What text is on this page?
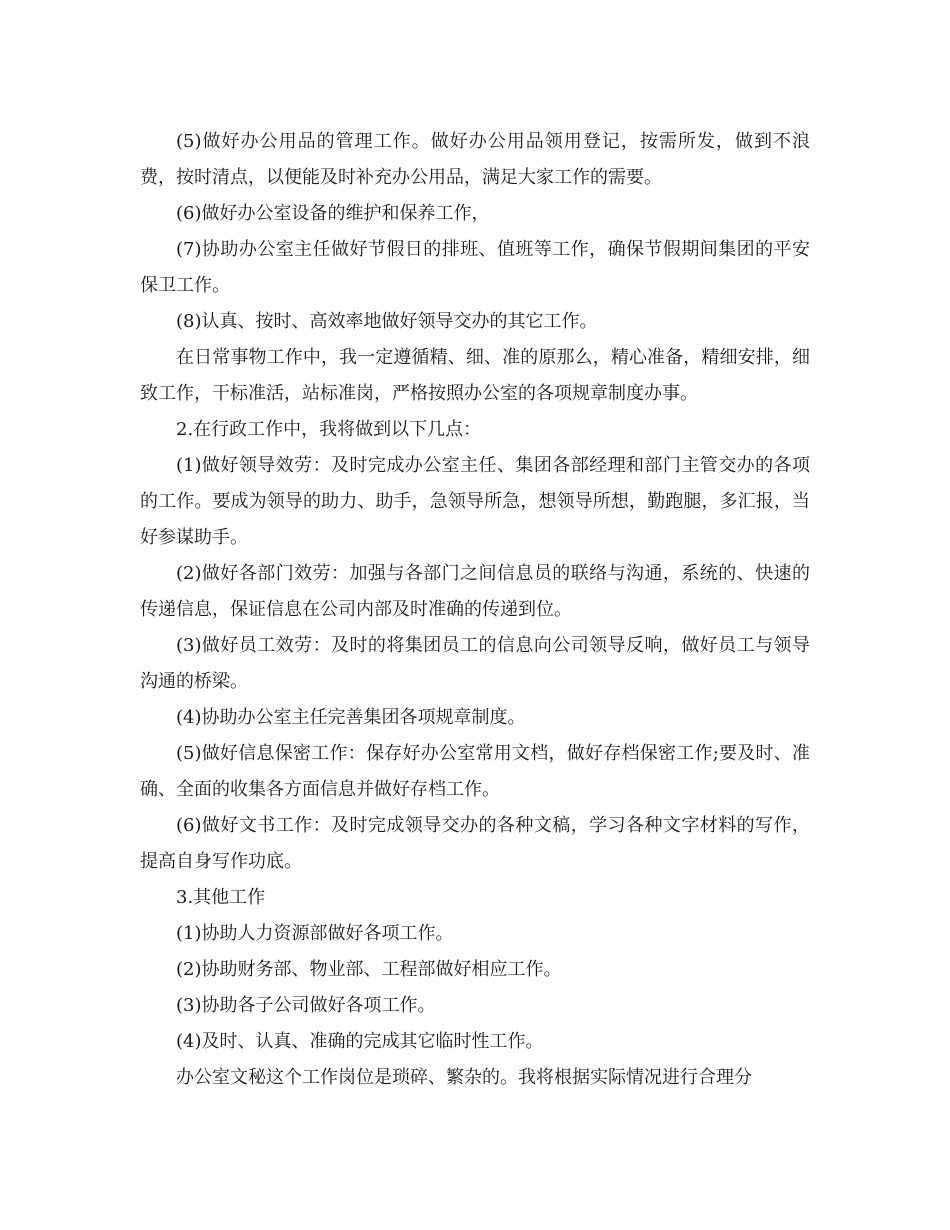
(5)做好办公用品的管理工作。做好办公用品领用登记，按需所发，做到不浪费，按时清点，以便能及时补充办公用品，满足大家工作的需要。

(6)做好办公室设备的维护和保养工作，

(7)协助办公室主任做好节假日的排班、值班等工作，确保节假期间集团的平安保卫工作。

(8)认真、按时、高效率地做好领导交办的其它工作。

在日常事物工作中，我一定遵循精、细、准的原那么，精心准备，精细安排，细致工作，干标准活，站标准岗，严格按照办公室的各项规章制度办事。

2.在行政工作中，我将做到以下几点：

(1)做好领导效劳：及时完成办公室主任、集团各部经理和部门主管交办的各项的工作。要成为领导的助力、助手，急领导所急，想领导所想，勤跑腿，多汇报，当好参谋助手。

(2)做好各部门效劳：加强与各部门之间信息员的联络与沟通，系统的、快速的传递信息，保证信息在公司内部及时准确的传递到位。

(3)做好员工效劳：及时的将集团员工的信息向公司领导反响，做好员工与领导沟通的桥梁。

(4)协助办公室主任完善集团各项规章制度。

(5)做好信息保密工作：保存好办公室常用文档，做好存档保密工作;要及时、准确、全面的收集各方面信息并做好存档工作。

(6)做好文书工作：及时完成领导交办的各种文稿，学习各种文字材料的写作，提高自身写作功底。

3.其他工作

(1)协助人力资源部做好各项工作。

(2)协助财务部、物业部、工程部做好相应工作。

(3)协助各子公司做好各项工作。

(4)及时、认真、准确的完成其它临时性工作。

办公室文秘这个工作岗位是琐碎、繁杂的。我将根据实际情况进行合理分
